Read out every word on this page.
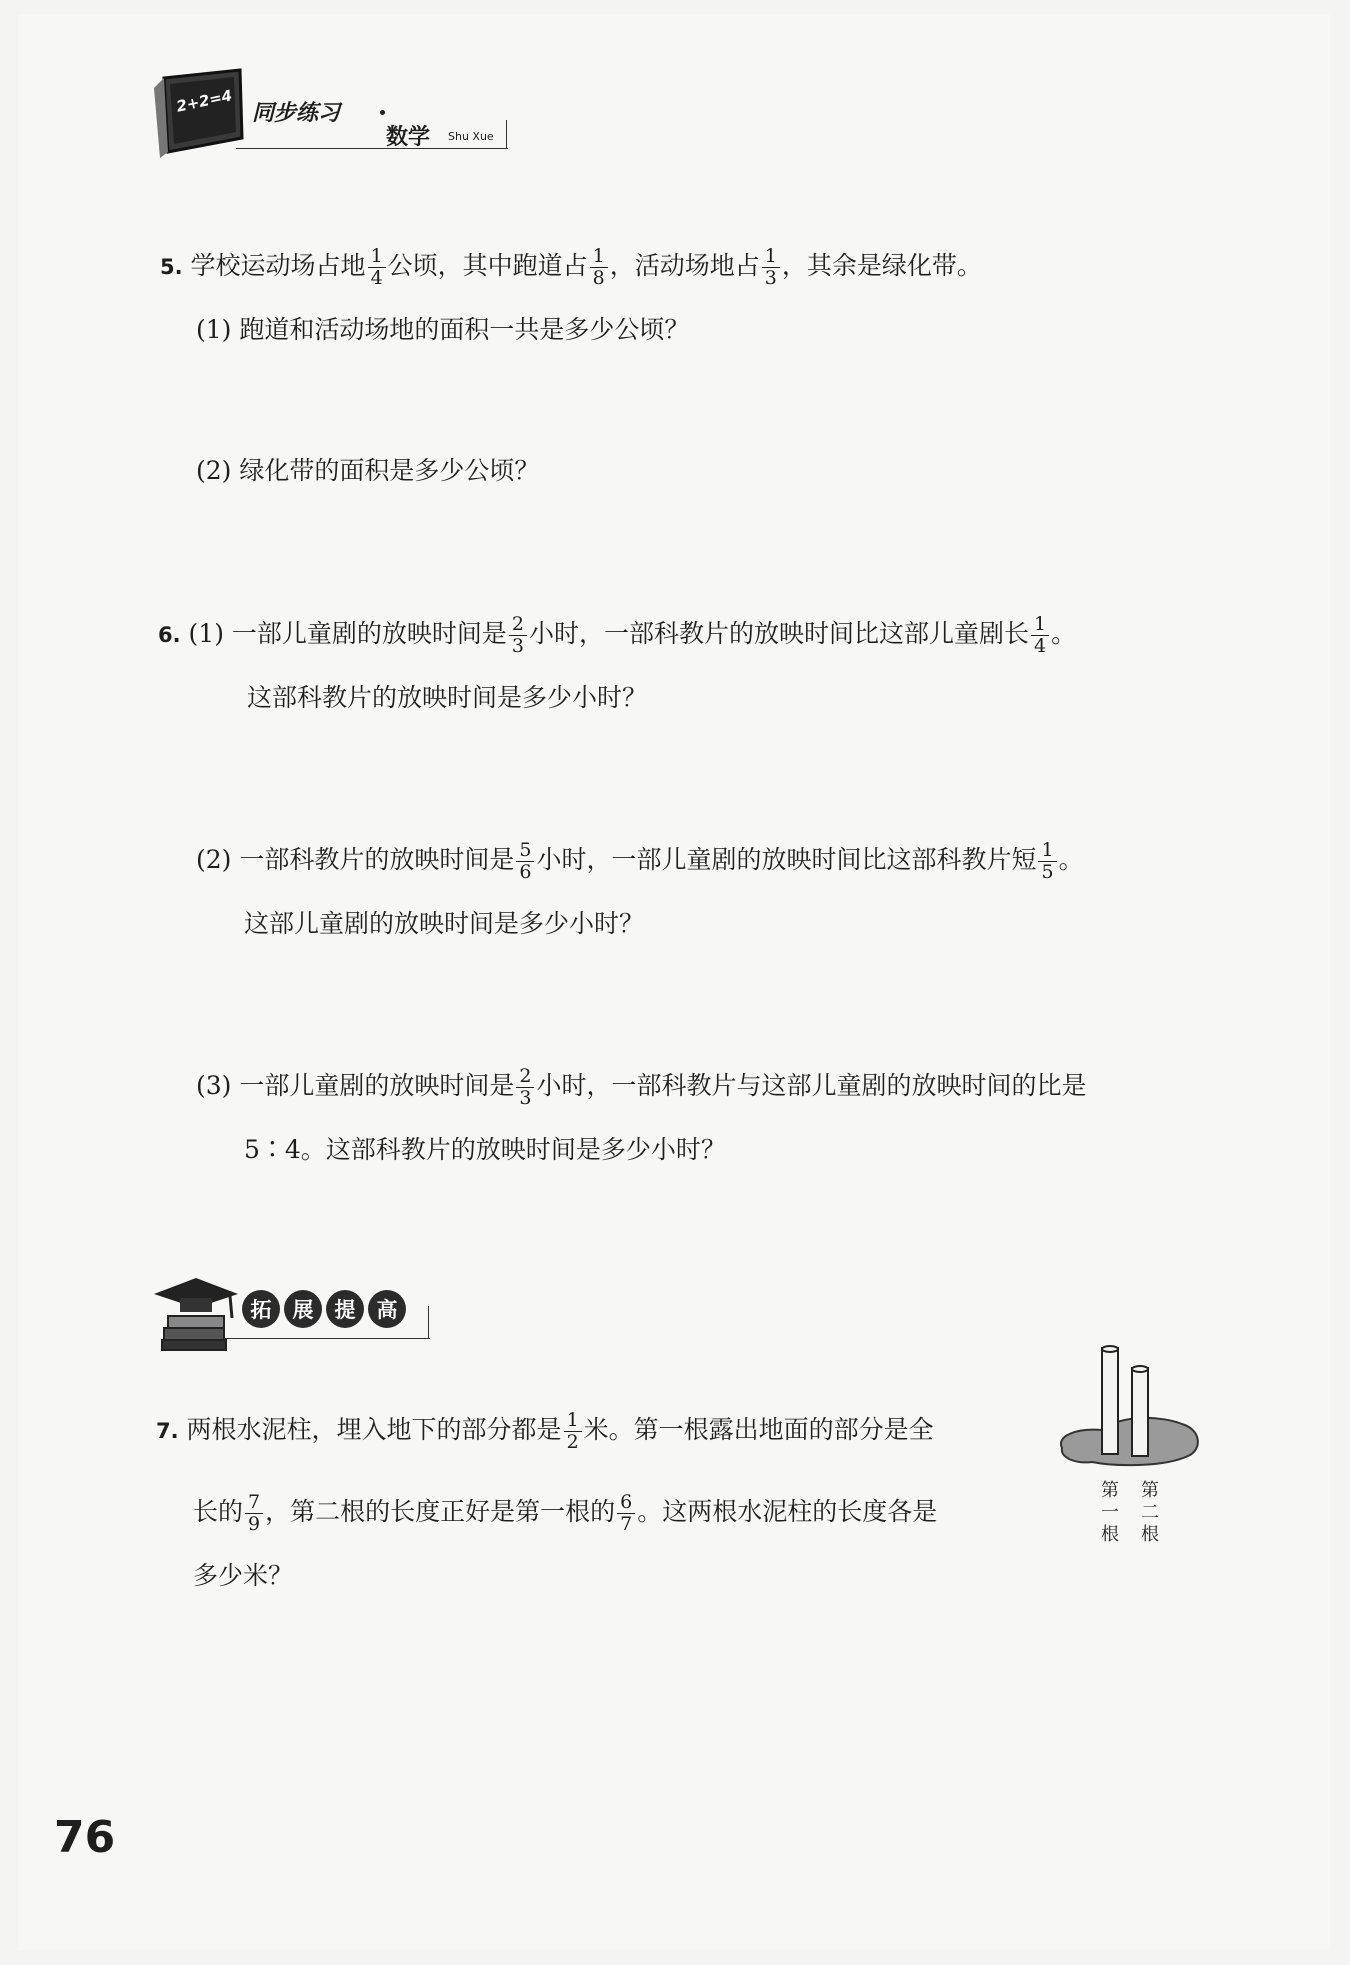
2+2=4 同步练习
数学 Shu Xue
5. 学校运动场占地 $\frac{1}{4}$ 公顷，其中跑道占 $\frac{1}{8}$ ，活动场地占 $\frac{1}{3}$ ，其余是绿化带。
(1) 跑道和活动场地的面积一共是多少公顷？
(2) 绿化带的面积是多少公顷？
6. (1) 一部儿童剧的放映时间是 $\frac{2}{3}$ 小时，一部科教片的放映时间比这部儿童剧长 $\frac{1}{4}$ 。
这部科教片的放映时间是多少小时？
(2) 一部科教片的放映时间是 $\frac{5}{6}$ 小时，一部儿童剧的放映时间比这部科教片短 $\frac{1}{5}$ 。
这部儿童剧的放映时间是多少小时？
(3) 一部儿童剧的放映时间是 $\frac{2}{3}$ 小时，一部科教片与这部儿童剧的放映时间的比是
5∶4。这部科教片的放映时间是多少小时？
拓	展	提	高
7. 两根水泥柱，埋入地下的部分都是 $\frac{1}{2}$ 米。第一根露出地面的部分是全
长的 $\frac{7}{9}$ ，第二根的长度正好是第一根的 $\frac{6}{7}$ 。这两根水泥柱的长度各是
多少米？
第
一
根
第
二
根
76
